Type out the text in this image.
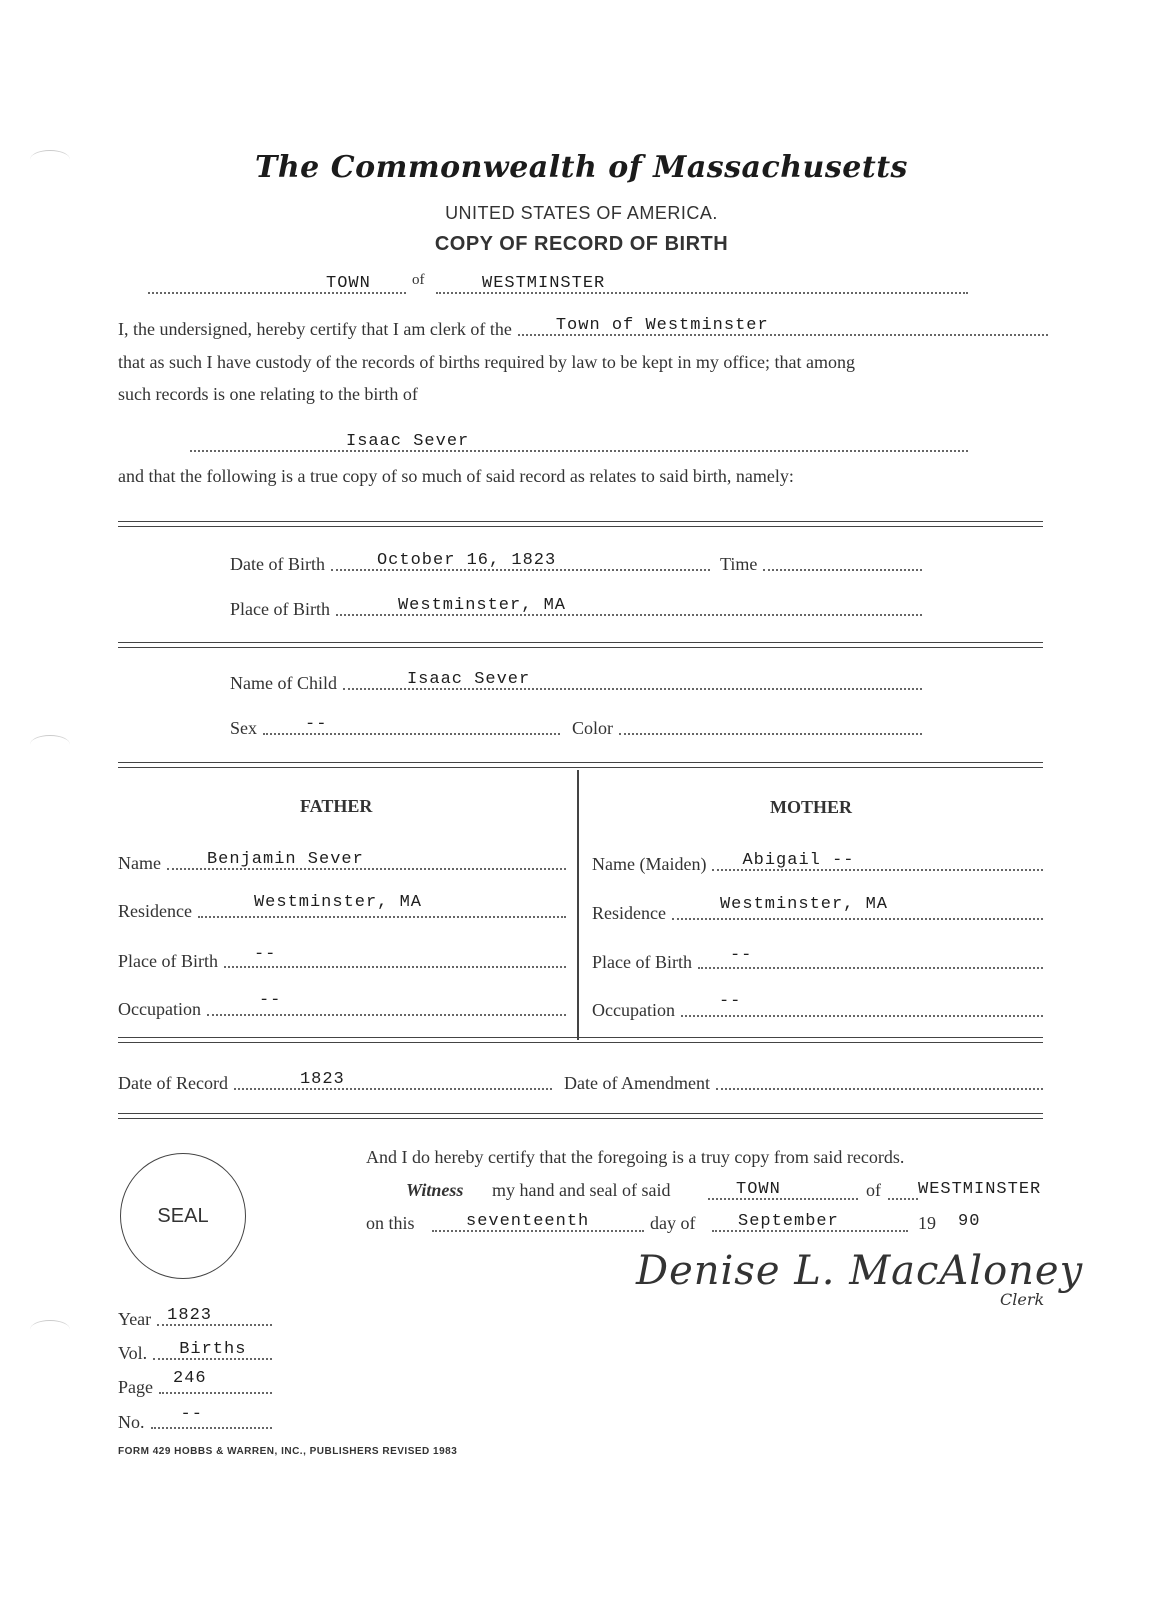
The Commonwealth of Massachusetts
UNITED STATES OF AMERICA.
COPY OF RECORD OF BIRTH
TOWN	of	WESTMINSTER
I, the undersigned, hereby certify that I am clerk of the	Town of Westminster
that as such I have custody of the records of births required by law to be kept in my office; that among
such records is one relating to the birth of
Isaac Sever
and that the following is a true copy of so much of said record as relates to said birth, namely:
Date of Birth	October 16, 1823	Time
Place of Birth	Westminster, MA
Name of Child	Isaac Sever
Sex	--	Color
FATHER
Name	Benjamin Sever
Residence	Westminster, MA
Place of Birth --
Occupation	--
MOTHER
Name (Maiden) Abigail --
Residence	Westminster, MA
Place of Birth --
Occupation	--
Date of Record	1823	Date of Amendment
And I do hereby certify that the foregoing is a truy copy from said records.
Witness my hand and seal of said	TOWN	of WESTMINSTER
on this	seventeenth	day of	September	19 90
Denise L. MacAloney
Clerk
SEAL
Year 1823
Vol. Births
Page 246
No. --
FORM 429 HOBBS & WARREN, INC., PUBLISHERS REVISED 1983
